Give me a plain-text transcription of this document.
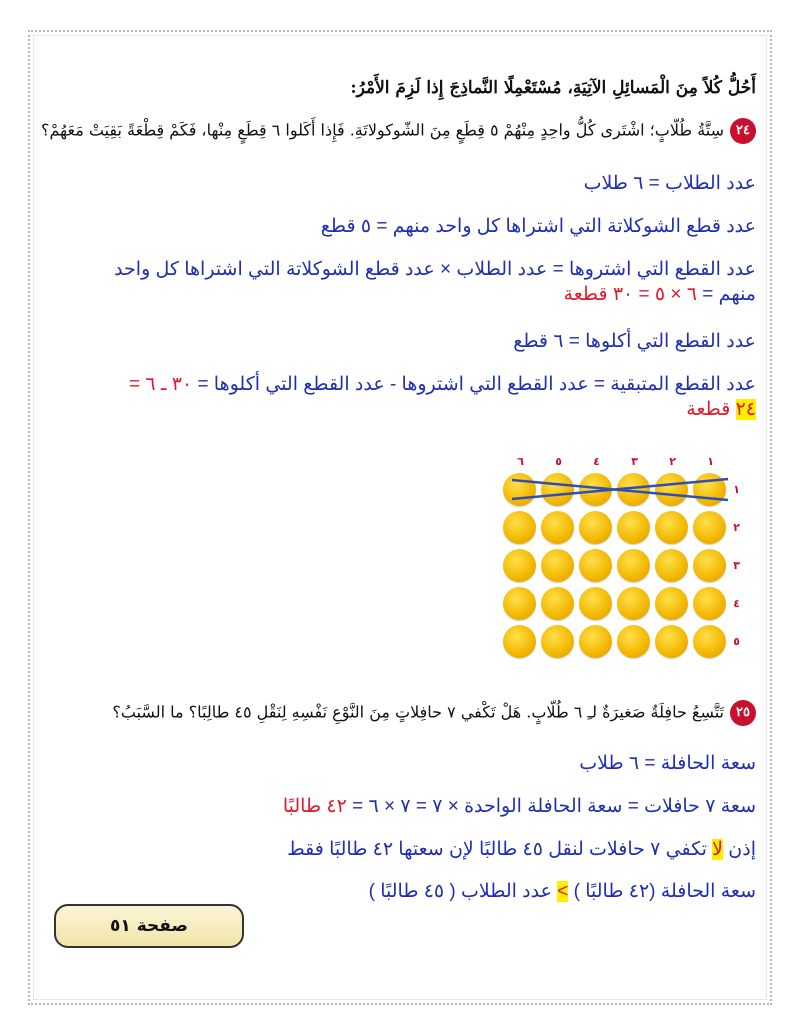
أَحُلُّ كُلاً مِنَ الْمَسائِلِ الآتِيَةِ، مُسْتَعْمِلًا النَّماذِجَ إِذا لَزِمَ الأَمْرُ:
٢٤سِتَّةُ طُلّابٍ؛ اشْتَرى كُلُّ واحِدٍ مِنْهُمْ ٥ قِطَعٍ مِنَ الشّوكولاتَةِ. فَإِذا أَكَلوا ٦ قِطَعٍ مِنْها، فَكَمْ قِطْعَةً بَقِيَتْ مَعَهُمْ؟
عدد الطلاب = ٦ طلاب
عدد قطع الشوكلاتة التي اشتراها كل واحد منهم = ٥ قطع
عدد القطع التي اشتروها = عدد الطلاب × عدد قطع الشوكلاتة التي اشتراها كل واحد
منهم = ٦ × ٥ = ٣٠ قطعة
عدد القطع التي أكلوها = ٦ قطع
عدد القطع المتبقية = عدد القطع التي اشتروها - عدد القطع التي أكلوها = ٣٠ ـ ٦ =
٢٤ قطعة
١
٢
٣
٤
٥
٦
١
٢
٣
٤
٥
٢٥تَتَّسِعُ حافِلَةٌ صَغيرَةٌ لـِ ٦ طُلّابٍ. هَلْ تَكْفي ٧ حافِلاتٍ مِنَ النَّوْعِ نَفْسِهِ لِنَقْلِ ٤٥ طالِبًا؟ ما السَّبَبُ؟
سعة الحافلة = ٦ طلاب
سعة ٧ حافلات = سعة الحافلة الواحدة × ٧ = ٧ × ٦ = ٤٢ طالبًا
إذن لا تكفي ٧ حافلات لنقل ٤٥ طالبًا لإن سعتها ٤٢ طالبًا فقط
سعة الحافلة (٤٢ طالبًا ) > عدد الطلاب ( ٤٥ طالبًا )
صفحة ٥١
